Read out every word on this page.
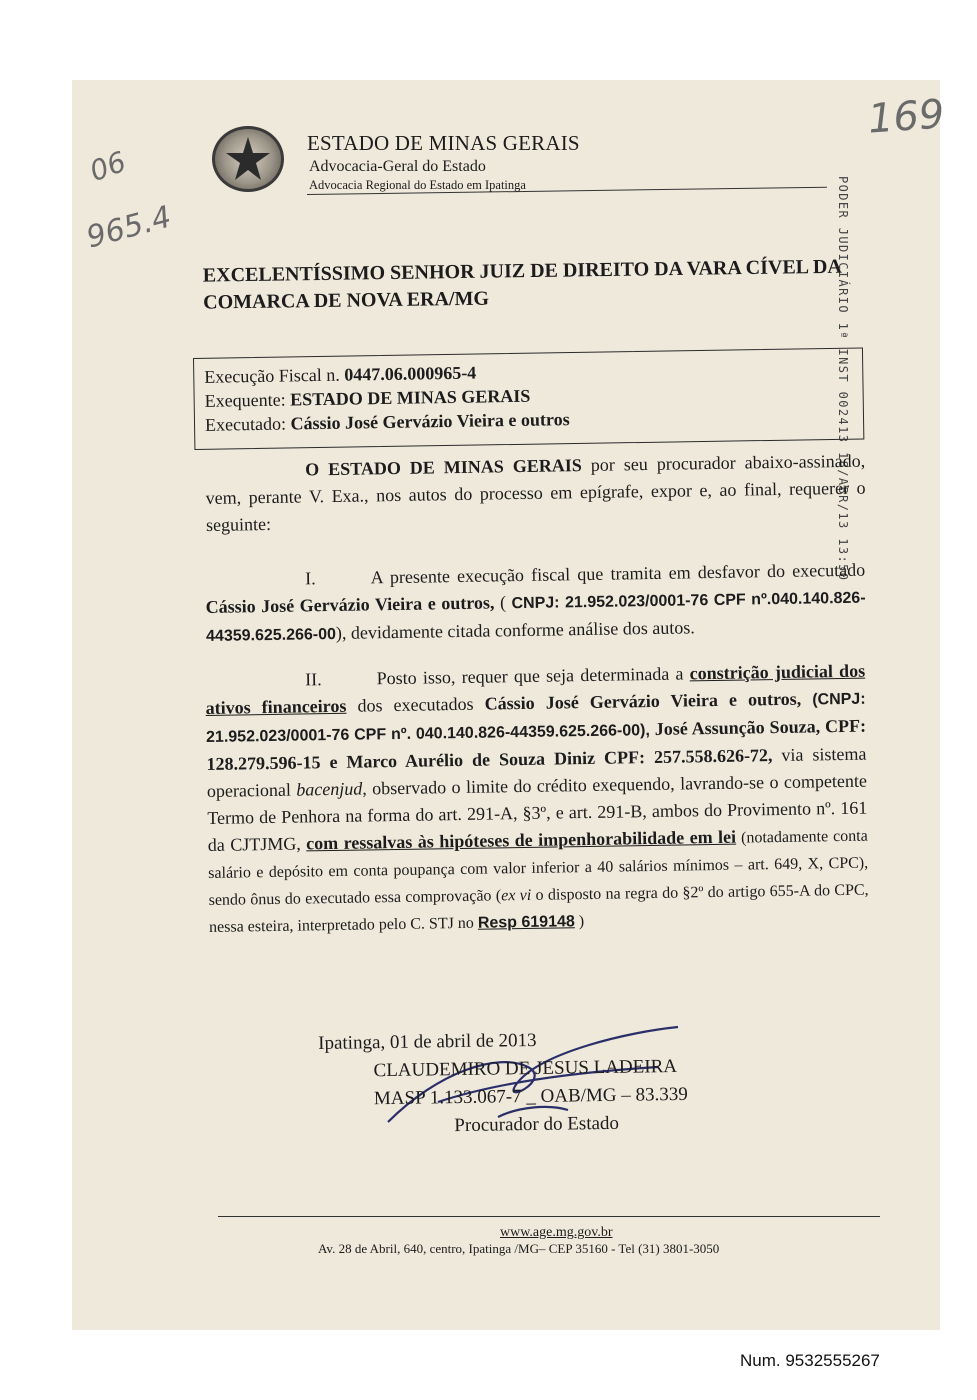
ESTADO DE MINAS GERAIS
Advocacia-Geral do Estado
Advocacia Regional do Estado em Ipatinga	PODER JUDICIÁRIO 1ª INST 002413 18/ABR/13 13:50
169
06
965.4
EXCELENTÍSSIMO SENHOR JUIZ DE DIREITO DA VARA CÍVEL DA COMARCA DE NOVA ERA/MG
Execução Fiscal n. 0447.06.000965-4
Exequente: ESTADO DE MINAS GERAIS
Executado: Cássio José Gervázio Vieira e outros
O ESTADO DE MINAS GERAIS por seu procurador abaixo-assinado, vem, perante V. Exa., nos autos do processo em epígrafe, expor e, ao final, requerer o seguinte:
I.	A presente execução fiscal que tramita em desfavor do executado Cássio José Gervázio Vieira e outros, ( CNPJ: 21.952.023/0001-76 CPF nº.040.140.826-44359.625.266-00), devidamente citada conforme análise dos autos.
II.	Posto isso, requer que seja determinada a constrição judicial dos ativos financeiros dos executados Cássio José Gervázio Vieira e outros, (CNPJ: 21.952.023/0001-76 CPF nº. 040.140.826-44359.625.266-00), José Assunção Souza, CPF: 128.279.596-15 e Marco Aurélio de Souza Diniz CPF: 257.558.626-72, via sistema operacional bacenjud, observado o limite do crédito exequendo, lavrando-se o competente Termo de Penhora na forma do art. 291-A, §3º, e art. 291-B, ambos do Provimento nº. 161 da CJTJMG, com ressalvas às hipóteses de impenhorabilidade em lei (notadamente conta salário e depósito em conta poupança com valor inferior a 40 salários mínimos – art. 649, X, CPC), sendo ônus do executado essa comprovação (ex vi o disposto na regra do §2º do artigo 655-A do CPC, nessa esteira, interpretado pelo C. STJ no Resp 619148 )
Ipatinga, 01 de abril de 2013
CLAUDEMIRO DE JESUS LADEIRA
MASP 1.133.067-7 _ OAB/MG – 83.339
Procurador do Estado
www.age.mg.gov.br
Av. 28 de Abril, 640, centro, Ipatinga /MG– CEP 35160 - Tel (31) 3801-3050
Num. 9532555267
